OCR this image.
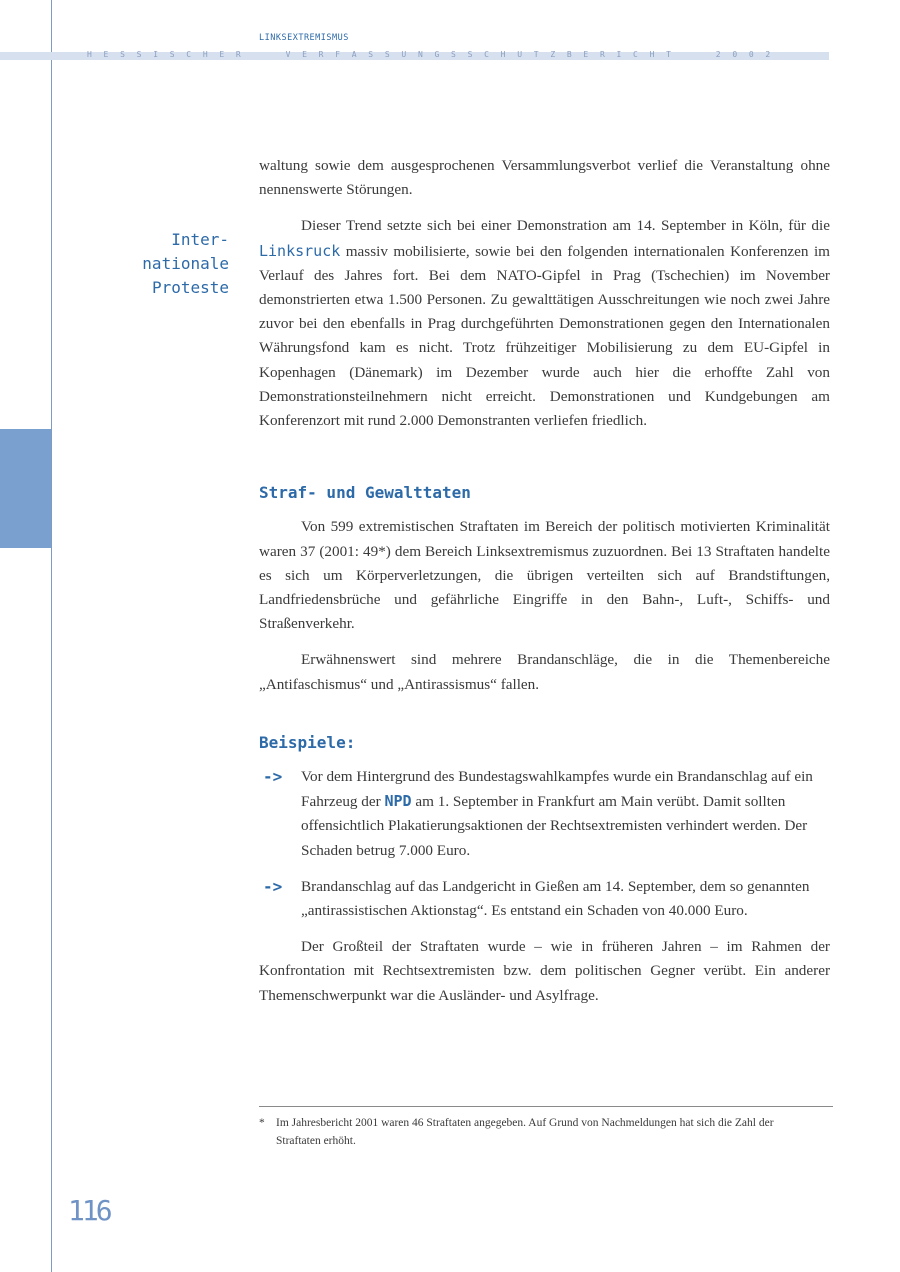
LINKSEXTREMISMUS
H	E	S	S	I	S	C	H	E	R

	V	E	R	F	A	S	S	U	N	G	S	S	C	H	U	T	Z	B	E	R	I	C	H	T

	2	0	0	2
Inter-
nationale
Proteste

waltung sowie dem ausgesprochenen Versammlungsverbot verlief die Veranstaltung ohne nennenswerte Störungen.

Dieser Trend setzte sich bei einer Demonstration am 14. September in Köln, für die Linksruck massiv mobilisierte, sowie bei den folgenden internationalen Konferenzen im Verlauf des Jahres fort. Bei dem NATO-Gipfel in Prag (Tschechien) im November demonstrierten etwa 1.500 Personen. Zu gewalttätigen Ausschreitungen wie noch zwei Jahre zuvor bei den ebenfalls in Prag durchgeführten Demonstrationen gegen den Internationalen Währungsfond kam es nicht. Trotz frühzeitiger Mobilisierung zu dem EU-Gipfel in Kopenhagen (Dänemark) im Dezember wurde auch hier die erhoffte Zahl von Demonstrationsteilnehmern nicht erreicht. Demonstrationen und Kundgebungen am Konferenzort mit rund 2.000 Demonstranten verliefen friedlich.

Straf- und Gewalttaten

Von 599 extremistischen Straftaten im Bereich der politisch motivierten Kriminalität waren 37 (2001: 49*) dem Bereich Linksextremismus zuzuordnen. Bei 13 Straftaten handelte es sich um Körperverletzungen, die übrigen verteilten sich auf Brandstiftungen, Landfriedensbrüche und gefährliche Eingriffe in den Bahn-, Luft-, Schiffs- und Straßenverkehr.

Erwähnenswert sind mehrere Brandanschläge, die in die Themenbereiche „Antifaschismus“ und „Antirassismus“ fallen.

Beispiele:
-> Vor dem Hintergrund des Bundestagswahlkampfes wurde ein Brandanschlag auf ein Fahrzeug der NPD am 1. September in Frankfurt am Main verübt. Damit sollten offensichtlich Plakatierungsaktionen der Rechtsextremisten verhindert werden. Der Schaden betrug 7.000 Euro.
-> Brandanschlag auf das Landgericht in Gießen am 14. September, dem so genannten „antirassistischen Aktionstag“. Es entstand ein Schaden von 40.000 Euro.

Der Großteil der Straftaten wurde – wie in früheren Jahren – im Rahmen der Konfrontation mit Rechtsextremisten bzw. dem politischen Gegner verübt. Ein anderer Themenschwerpunkt war die Ausländer- und Asylfrage.

* Im Jahresbericht 2001 waren 46 Straftaten angegeben. Auf Grund von Nachmeldungen hat sich die Zahl der Straftaten erhöht.
116
